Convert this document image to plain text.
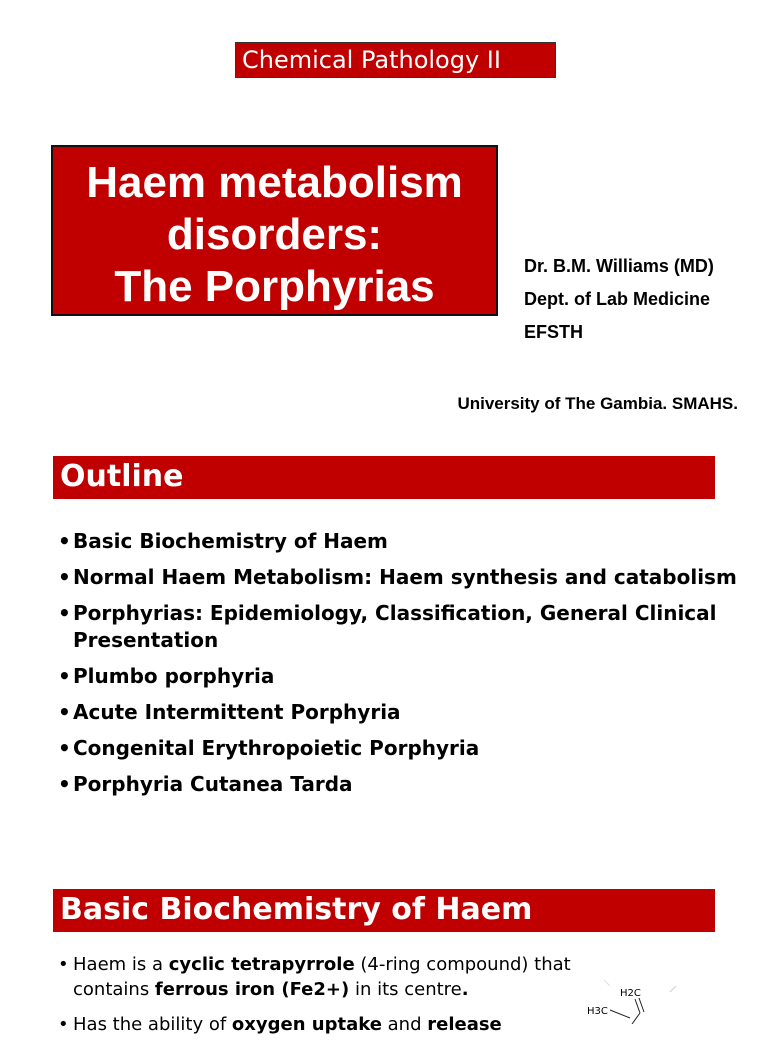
Chemical Pathology II
Haem metabolism
disorders:
The Porphyrias	Dr. B.M. Williams (MD)
Dept. of Lab Medicine
EFSTH
University of The Gambia. SMAHS.
Outline
• Basic Biochemistry of Haem
• Normal Haem Metabolism: Haem synthesis and catabolism
• Porphyrias: Epidemiology, Classification, General Clinical Presentation
• Plumbo porphyria
• Acute Intermittent Porphyria
• Congenital Erythropoietic Porphyria
• Porphyria Cutanea Tarda
Basic Biochemistry of Haem
• Haem is a cyclic tetrapyrrole (4-ring compound) that contains ferrous iron (Fe2+) in its centre.
• Has the ability of oxygen uptake and release
H2C
H3C
